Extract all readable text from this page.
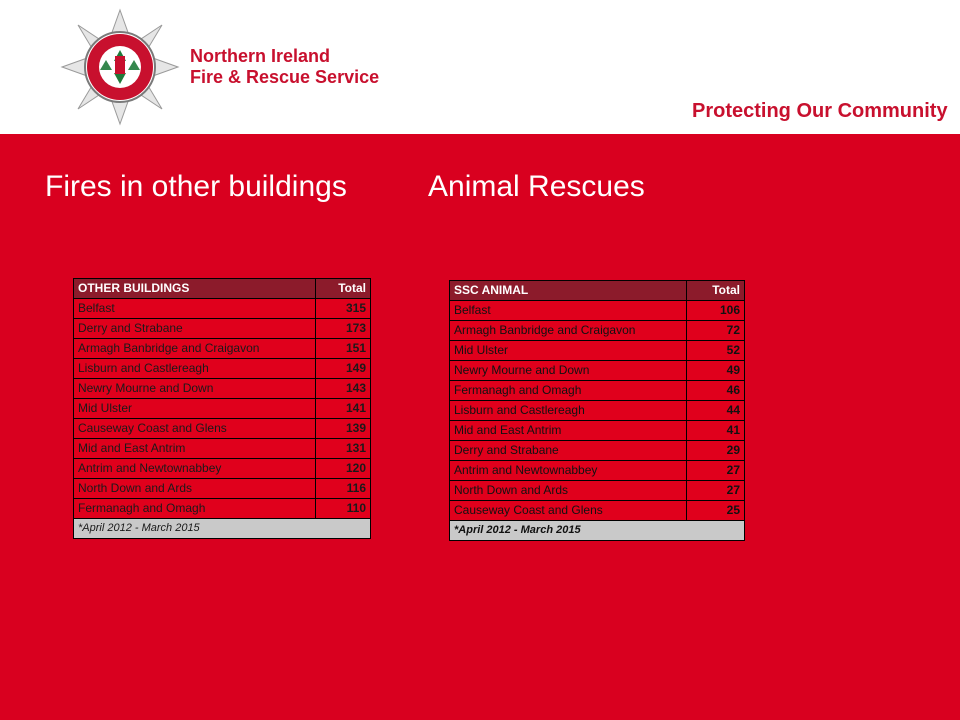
Northern Ireland
Fire & Rescue Service
Protecting Our Community
Fires in other buildings	Animal Rescues
OTHER BUILDINGS	Total
Belfast	315
Derry and Strabane	173
Armagh Banbridge and Craigavon	151
Lisburn and Castlereagh	149
Newry Mourne and Down	143
Mid Ulster	141
Causeway Coast and Glens	139
Mid and East Antrim	131
Antrim and Newtownabbey	120
North Down and Ards	116
Fermanagh and Omagh	110
*April 2012 - March 2015	
SSC ANIMAL	Total
Belfast	106
Armagh Banbridge and Craigavon	72
Mid Ulster	52
Newry Mourne and Down	49
Fermanagh and Omagh	46
Lisburn and Castlereagh	44
Mid and East Antrim	41
Derry and Strabane	29
Antrim and Newtownabbey	27
North Down and Ards	27
Causeway Coast and Glens	25
*April 2012 - March 2015	
